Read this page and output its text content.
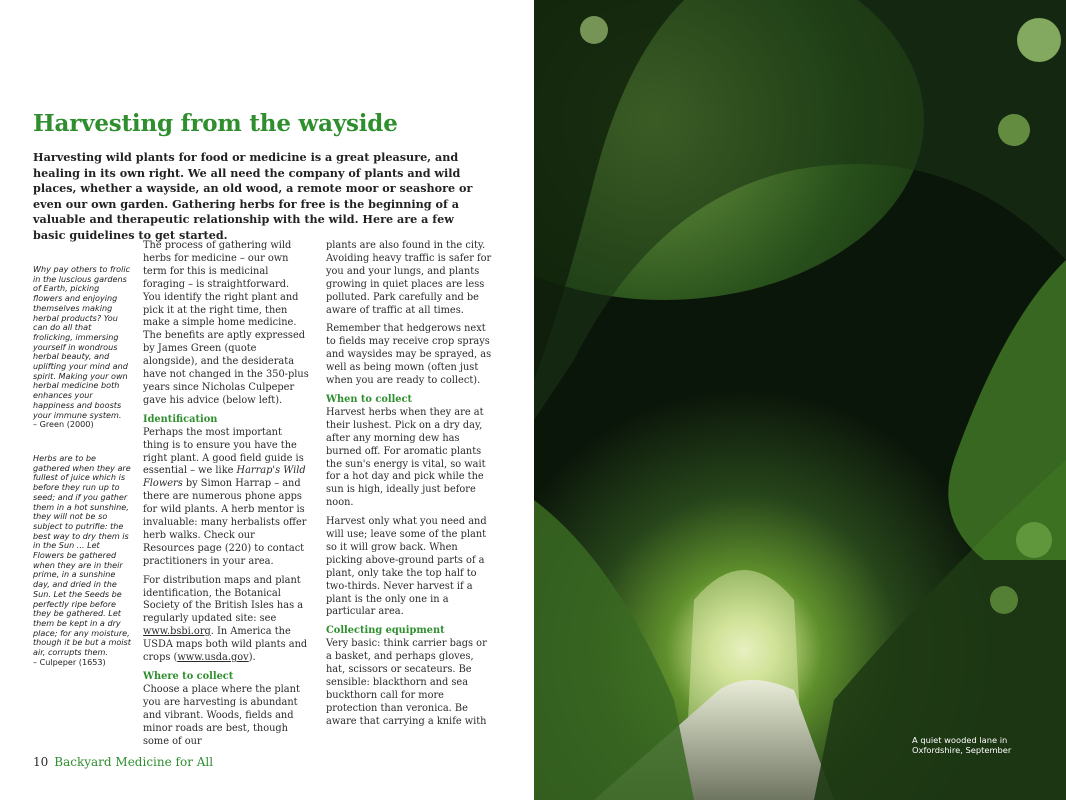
Harvesting from the wayside

Harvesting wild plants for food or medicine is a great pleasure, and healing in its own right. We all need the company of plants and wild places, whether a wayside, an old wood, a remote moor or seashore or even our own garden. Gathering herbs for free is the beginning of a valuable and therapeutic relationship with the wild. Here are a few basic guidelines to get started.

Why pay others to frolic in the luscious gardens of Earth, picking flowers and enjoying themselves making herbal products? You can do all that frolicking, immersing yourself in wondrous herbal beauty, and uplifting your mind and spirit. Making your own herbal medicine both enhances your happiness and boosts your immune system.
– Green (2000)
Herbs are to be gathered when they are fullest of juice which is before they run up to seed; and if you gather them in a hot sunshine, they will not be so subject to putrifie: the best way to dry them is in the Sun ... Let Flowers be gathered when they are in their prime, in a sunshine day, and dried in the Sun. Let the Seeds be perfectly ripe before they be gathered. Let them be kept in a dry place; for any moisture, though it be but a moist air, corrupts them.
– Culpeper (1653)

The process of gathering wild herbs for medicine – our own term for this is medicinal foraging – is straightforward. You identify the right plant and pick it at the right time, then make a simple home medicine. The benefits are aptly expressed by James Green (quote alongside), and the desiderata have not changed in the 350-plus years since Nicholas Culpeper gave his advice (below left).

Identification

Perhaps the most important thing is to ensure you have the right plant. A good field guide is essential – we like Harrap's Wild Flowers by Simon Harrap – and there are numerous phone apps for wild plants. A herb mentor is invaluable: many herbalists offer herb walks. Check our Resources page (220) to contact practitioners in your area.

For distribution maps and plant identification, the Botanical Society of the British Isles has a regularly updated site: see www.bsbi.org. In America the USDA maps both wild plants and crops (www.usda.gov).

Where to collect

Choose a place where the plant you are harvesting is abundant and vibrant. Woods, fields and minor roads are best, though some of our

plants are also found in the city. Avoiding heavy traffic is safer for you and your lungs, and plants growing in quiet places are less polluted. Park carefully and be aware of traffic at all times.

Remember that hedgerows next to fields may receive crop sprays and waysides may be sprayed, as well as being mown (often just when you are ready to collect).

When to collect

Harvest herbs when they are at their lushest. Pick on a dry day, after any morning dew has burned off. For aromatic plants the sun's energy is vital, so wait for a hot day and pick while the sun is high, ideally just before noon.

Harvest only what you need and will use; leave some of the plant so it will grow back. When picking above-ground parts of a plant, only take the top half to two-thirds. Never harvest if a plant is the only one in a particular area.

Collecting equipment

Very basic: think carrier bags or a basket, and perhaps gloves, hat, scissors or secateurs. Be sensible: blackthorn and sea buckthorn call for more protection than veronica. Be aware that carrying a knife with

10 Backyard Medicine for All
A quiet wooded lane in Oxfordshire, September
